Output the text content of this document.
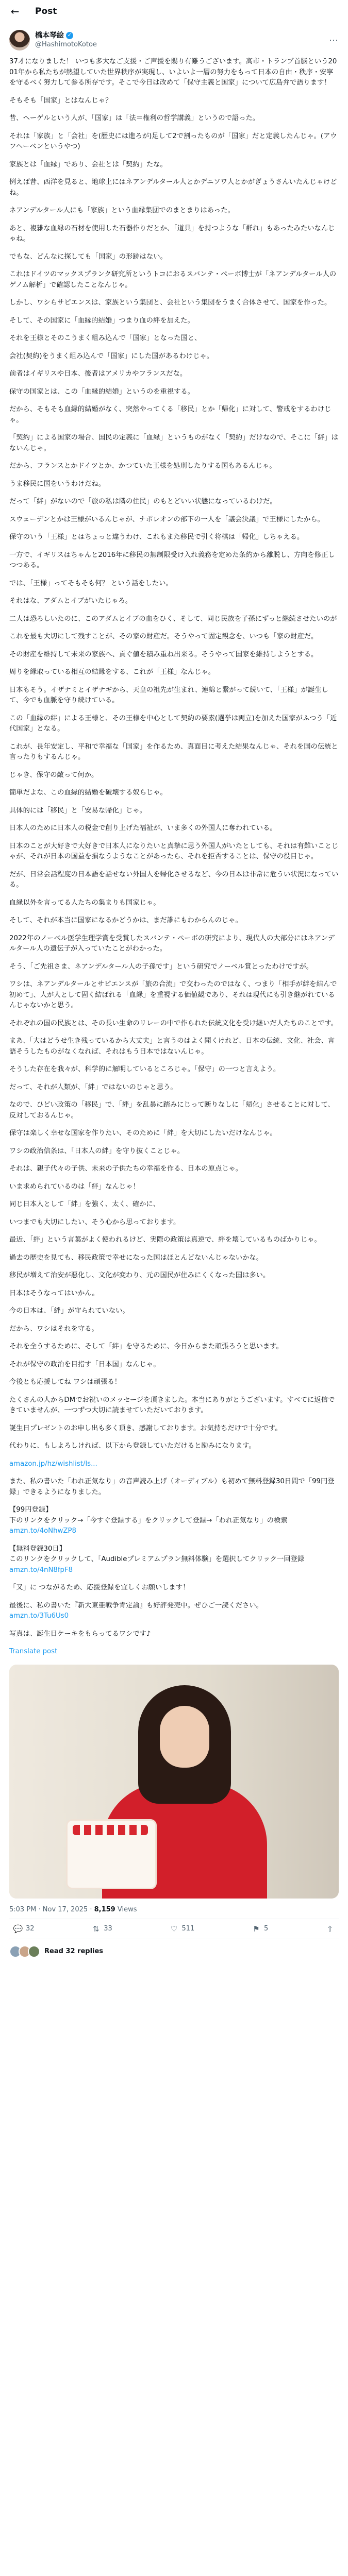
← Post
橋本琴絵 ✓
@HashimotoKotoe	⋯

37才になりました！ いつも多大なご支援・ご声援を賜り有難うございます。高市・トランプ首脳という2001年から私たちが熱望していた世界秩序が実現し、いよいよ一層の努力をもって日本の自由・秩序・安寧を守るべく努力して参る所存です。そこで今日は改めて「保守主義と国家」について広島弁で語ります！

そもそも「国家」とはなんじゃ？

昔、ヘーゲルという人が、「国家」は「法＝権利の哲学講義」というので語った。

それは「家族」と「会社」を(歴史には進ろが)足して2で割ったものが「国家」だと定義したんじゃ。(アウフヘーベンというやつ)

家族とは「血縁」であり、会社とは「契約」たな。

例えば昔、西洋を見ると、地球上にはネアンデルタール人とかデニソワ人とかがぎょうさんいたんじゃけどね。

ネアンデルタール人にも「家族」という血縁集団でのまとまりはあった。

あと、複雑な血縁の石材を使用した石器作りだとか、「道具」を持つような「群れ」もあったみたいなんじゃね。

でもな、どんなに探しても「国家」の形跡はない。

これはドイツのマックスプランク研究所というトコにおるスバンテ・ペーボ博士が「ネアンデルタール人のゲノム解析」で確認したことなんじゃ。

しかし、ワシらサピエンスは、家族という集団と、会社という集団をうまく合体させて、国家を作った。

そして、その国家に「血縁的結婚」つまり血の絆を加えた。

それを王様とそのこうまく組み込んで「国家」となった国と、

会社(契約)をうまく組み込んで「国家」にした国があるわけじゃ。

前者はイギリスや日本、後者はアメリカやフランスだな。

保守の国家とは、この「血縁的結婚」というのを重視する。

だから、そもそも血縁的結婚がなく、突然やってくる「移民」とか「帰化」に対して、警戒をするわけじゃ。

「契約」による国家の場合、国民の定義に「血縁」というものがなく「契約」だけなので、そこに「絆」はないんじゃ。

だから、フランスとかドイツとか、かつていた王様を処刑したりする国もあるんじゃ。

うま移民に国をいうわけだね。

だって「絆」がないので「旅の私は隣の住民」のもとどいい状態になっているわけだ。

スウェーデンとかは王様がいるんじゃが、ナポレオンの部下の一人を「議会決議」で王様にしたから。

保守のいう「王様」とはちょっと違うわけ、これもまた移民で引く将棋は「帰化」しちゃえる。

一方で、イギリスはちゃんと2016年に移民の無制限受け入れ義務を定めた条約から離脱し、方向を修正しつつある。

では、「王様」ってそもそも何？ という話をしたい。

それはな、アダムとイブがいたじゃろ。

二人は恐ろしいたのに、このアダムとイブの血をひく、そして、同じ民族を子孫にずっと継続させたいのが

これを最も大切にして残すことが、その家の財産だ。そうやって固定観念を、いつも「家の財産だ。

その財産を維持して未来の家族へ、貢ぐ値を積み重ね出来る。そうやって国家を維持しようとする。

周りを縁取っている相互の結縁をする、これが「王様」なんじゃ。

日本もそう。イザナミとイザナギから、天皇の祖先が生まれ、連綿と繋がって続いて、「王様」が誕生して、今でも血脈を守り続けている。

この「血縁の絆」による王様と、その王様を中心として契約の要素(選挙は両立)を加えた国家がふつう「近代国家」となる。

これが、長年安定し、平和で幸福な「国家」を作るため、真面目に考えた結果なんじゃ、それを国の伝統と言ったりもするんじゃ。

じゃき、保守の敵って何か。

簡単だよな、この血縁的結婚を破壊する奴らじゃ。

具体的には「移民」と「安易な帰化」じゃ。

日本人のために日本人の税金で創り上げた福祉が、いま多くの外国人に奪われている。

日本のことが大好きで大好きで日本人になりたいと真摯に思う外国人がいたとしても、それは有難いことじゃが、それが日本の国益を損なうようなことがあったら、それを拒否することは、保守の役目じゃ。

だが、日常会話程度の日本語を話せない外国人を帰化させるなど、今の日本は非常に危うい状況になっている。

血縁以外を言ってる人たちの集まりも国家じゃ。

そして、それが本当に国家になるかどうかは、まだ誰にもわからんのじゃ。

2022年のノーベル医学生理学賞を受賞したスバンテ・ペーボの研究により、現代人の大部分にはネアンデルタール人の遺伝子が入っていたことがわかった。

そう、「ご先祖さま、ネアンデルタール人の子孫です」という研究でノーベル賞とったわけですが。

ワシは、ネアンデルタールとサピエンスが「旅の合流」で交わったのではなく、つまり「相手が絆を結んで初めて」、人が人として固く結ばれる「血縁」を重視する価値観であり、それは現代にも引き継がれているんじゃないかと思う。

それぞれの国の民族とは、その長い生命のリレーの中で作られた伝統文化を受け継いだ人たちのことです。

まあ、「大はどうせ生き残っているから大丈夫」と言うのはよく聞くけれど、日本の伝統、文化、社会、言語そうしたものがなくなれば、それはもう日本ではないんじゃ。

そうした存在を我々が、科学的に解明しているところじゃ。「保守」の一つと言えよう。

だって、それが人類が、「絆」ではないのじゃと思う。

なので、ひどい政策の「移民」で、「絆」を乱暴に踏みにじって断りなしに「帰化」させることに対して、反対しておるんじゃ。

保守は楽しく幸せな国家を作りたい、そのために「絆」を大切にしたいだけなんじゃ。

ワシの政治信条は、「日本人の絆」を守り抜くことじゃ。

それは、親子代々の子供、未来の子供たちの幸福を作る、日本の原点じゃ。

いま求められているのは「絆」なんじゃ！

同じ日本人として「絆」を強く、太く、確かに、

いつまでも大切にしたい、そう心から思っております。

最近、「絆」という言葉がよく使われるけど、実際の政策は真逆で、絆を壊しているものばかりじゃ。

過去の歴史を見ても、移民政策で幸せになった国はほとんどないんじゃないかな。

移民が増えて治安が悪化し、文化が変わり、元の国民が住みにくくなった国は多い。

日本はそうなってはいかん。

今の日本は、「絆」が守られていない。

だから、ワシはそれを守る。

それを全うするために、そして「絆」を守るために、今日からまた頑張ろうと思います。

それが保守の政治を目指す「日本国」なんじゃ。

今後とも応援してね ワシは頑張る！

たくさんの人からDMでお祝いのメッセージを頂きました。本当にありがとうございます。すべてに返信できていませんが、一つずつ大切に読ませていただいております。

誕生日プレゼントのお申し出も多く頂き、感謝しております。お気持ちだけで十分です。

代わりに、もしよろしければ、以下から登録していただけると励みになります。

amazon.jp/hz/wishlist/ls...

また、私の書いた「われ正気なり」の音声読み上げ（オーディブル）も初めて無料登録30日間で「99円登録」できるようになりました。

【99円登録】
下のリンクをクリック→「今すぐ登録する」をクリックして登録→「われ正気なり」の検索
amzn.to/4oNhwZP8

【無料登録30日】
このリンクをクリックして、「Audibleプレミアムプラン無料体験」を選択してクリック一回登録
amzn.to/4nN8fpF8

「又」に つながるため、応援登録を宜しくお願いします！

最後に、私の書いた『新大東亜戦争肯定論』も好評発売中。ぜひご一読ください。
amzn.to/3Tu6Us0

写真は、誕生日ケーキをもらってるワシです♪

Translate post

5:03 PM · Nov 17, 2025 · 8,159 Views
💬 32	⇅ 33	♡ 511	⚑ 5	⇧
Read 32 replies
